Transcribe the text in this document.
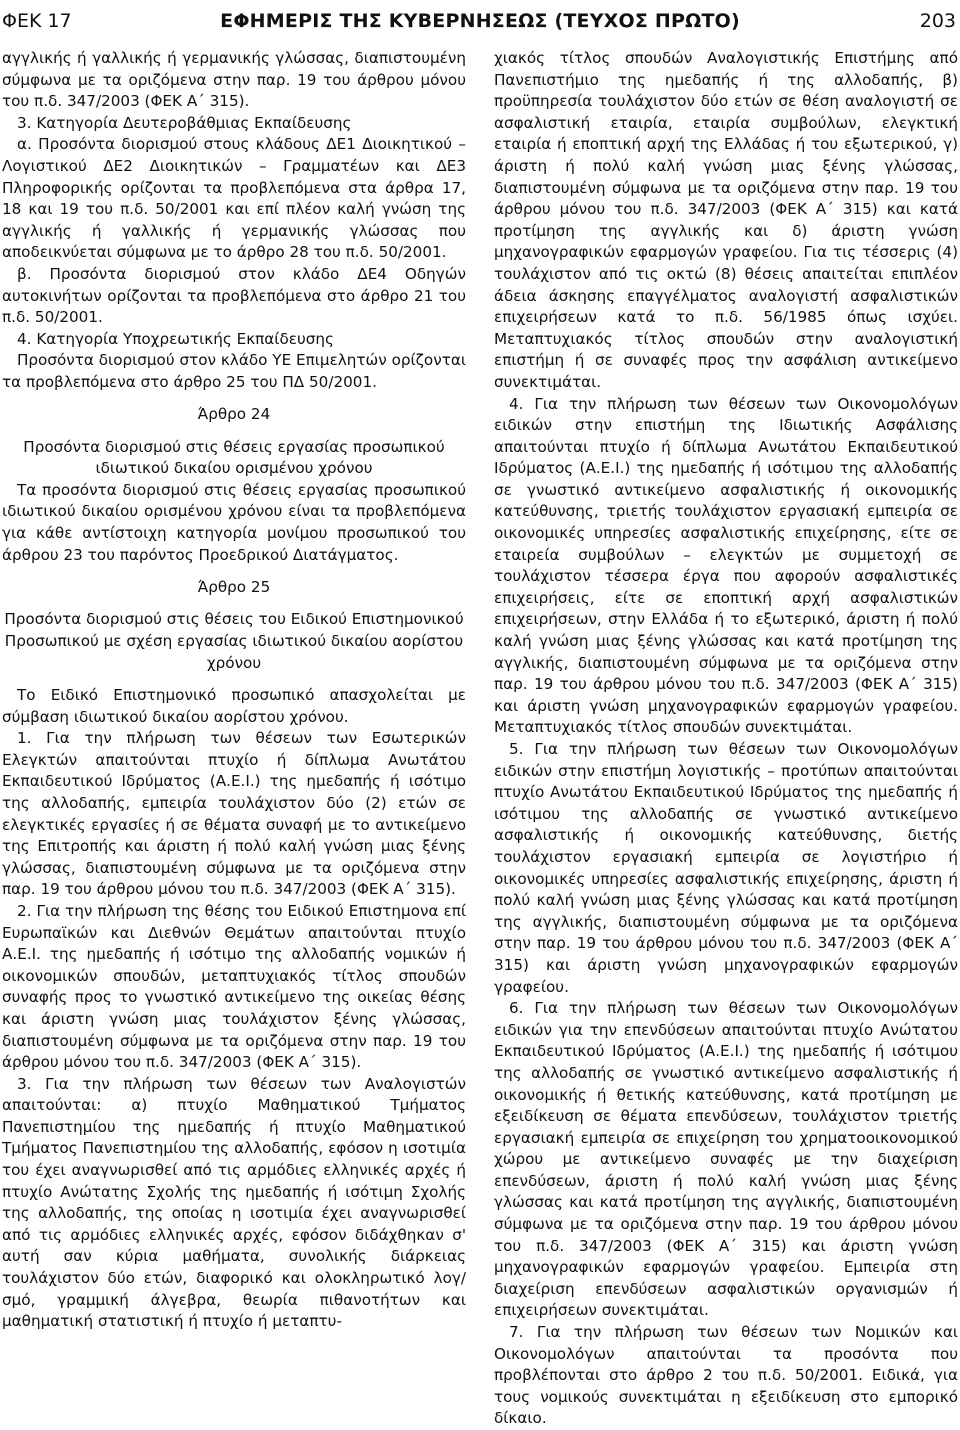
ΦΕΚ 17	ΕΦΗΜΕΡΙΣ ΤΗΣ ΚΥΒΕΡΝΗΣΕΩΣ (ΤΕΥΧΟΣ ΠΡΩΤΟ)	203

αγγλικής ή γαλλικής ή γερμανικής γλώσσας, διαπιστουμένη σύμφωνα με τα οριζόμενα στην παρ. 19 του άρθρου μόνου του π.δ. 347/2003 (ΦΕΚ Α΄ 315).

3. Κατηγορία Δευτεροβάθμιας Εκπαίδευσης

α. Προσόντα διορισμού στους κλάδους ΔΕ1 Διοικητικού – Λογιστικού ΔΕ2 Διοικητικών – Γραμματέων και ΔΕ3 Πληροφορικής ορίζονται τα προβλεπόμενα στα άρθρα 17, 18 και 19 του π.δ. 50/2001 και επί πλέον καλή γνώση της αγγλικής ή γαλλικής ή γερμανικής γλώσσας που αποδεικνύεται σύμφωνα με το άρθρο 28 του π.δ. 50/2001.

β. Προσόντα διορισμού στον κλάδο ΔΕ4 Οδηγών αυτοκινήτων ορίζονται τα προβλεπόμενα στο άρθρο 21 του π.δ. 50/2001.

4. Κατηγορία Υποχρεωτικής Εκπαίδευσης

Προσόντα διορισμού στον κλάδο ΥΕ Επιμελητών ορίζονται τα προβλεπόμενα στο άρθρο 25 του ΠΔ 50/2001.

Άρθρο 24

Προσόντα διορισμού στις θέσεις εργασίας προσωπικού ιδιωτικού δικαίου ορισμένου χρόνου

Τα προσόντα διορισμού στις θέσεις εργασίας προσωπικού ιδιωτικού δικαίου ορισμένου χρόνου είναι τα προβλεπόμενα για κάθε αντίστοιχη κατηγορία μονίμου προσωπικού του άρθρου 23 του παρόντος Προεδρικού Διατάγματος.

Άρθρο 25

Προσόντα διορισμού στις θέσεις του Ειδικού Επιστημονικού Προσωπικού με σχέση εργασίας ιδιωτικού δικαίου αορίστου χρόνου

Το Ειδικό Επιστημονικό προσωπικό απασχολείται με σύμβαση ιδιωτικού δικαίου αορίστου χρόνου.

1. Για την πλήρωση των θέσεων των Εσωτερικών Ελεγκτών απαιτούνται πτυχίο ή δίπλωμα Ανωτάτου Εκπαιδευτικού Ιδρύματος (Α.Ε.Ι.) της ημεδαπής ή ισότιμο της αλλοδαπής, εμπειρία τουλάχιστον δύο (2) ετών σε ελεγκτικές εργασίες ή σε θέματα συναφή με το αντικείμενο της Επιτροπής και άριστη ή πολύ καλή γνώση μιας ξένης γλώσσας, διαπιστουμένη σύμφωνα με τα οριζόμενα στην παρ. 19 του άρθρου μόνου του π.δ. 347/2003 (ΦΕΚ Α΄ 315).

2. Για την πλήρωση της θέσης του Ειδικού Επιστημονα επί Ευρωπαϊκών και Διεθνών Θεμάτων απαιτούνται πτυχίο Α.Ε.Ι. της ημεδαπής ή ισότιμο της αλλοδαπής νομικών ή οικονομικών σπουδών, μεταπτυχιακός τίτλος σπουδών συναφής προς το γνωστικό αντικείμενο της οικείας θέσης και άριστη γνώση μιας τουλάχιστον ξένης γλώσσας, διαπιστουμένη σύμφωνα με τα οριζόμενα στην παρ. 19 του άρθρου μόνου του π.δ. 347/2003 (ΦΕΚ Α΄ 315).

3. Για την πλήρωση των θέσεων των Αναλογιστών απαιτούνται: α) πτυχίο Μαθηματικού Τμήματος Πανεπιστημίου της ημεδαπής ή πτυχίο Μαθηματικού Τμήματος Πανεπιστημίου της αλλοδαπής, εφόσον η ισοτιμία του έχει αναγνωρισθεί από τις αρμόδιες ελληνικές αρχές ή πτυχίο Ανώτατης Σχολής της ημεδαπής ή ισότιμη Σχολής της αλλοδαπής, της οποίας η ισοτιμία έχει αναγνωρισθεί από τις αρμόδιες ελληνικές αρχές, εφόσον διδάχθηκαν σ' αυτή σαν κύρια μαθήματα, συνολικής διάρκειας τουλάχιστον δύο ετών, διαφορικό και ολοκληρωτικό λογ/σμό, γραμμική άλγεβρα, θεωρία πιθανοτήτων και μαθηματική στατιστική ή πτυχίο ή μεταπτυ-

χιακός τίτλος σπουδών Αναλογιστικής Επιστήμης από Πανεπιστήμιο της ημεδαπής ή της αλλοδαπής, β) προϋπηρεσία τουλάχιστον δύο ετών σε θέση αναλογιστή σε ασφαλιστική εταιρία, εταιρία συμβούλων, ελεγκτική εταιρία ή εποπτική αρχή της Ελλάδας ή του εξωτερικού, γ) άριστη ή πολύ καλή γνώση μιας ξένης γλώσσας, διαπιστουμένη σύμφωνα με τα οριζόμενα στην παρ. 19 του άρθρου μόνου του π.δ. 347/2003 (ΦΕΚ Α΄ 315) και κατά προτίμηση της αγγλικής και δ) άριστη γνώση μηχανογραφικών εφαρμογών γραφείου. Για τις τέσσερις (4) τουλάχιστον από τις οκτώ (8) θέσεις απαιτείται επιπλέον άδεια άσκησης επαγγέλματος αναλογιστή ασφαλιστικών επιχειρήσεων κατά το π.δ. 56/1985 όπως ισχύει. Μεταπτυχιακός τίτλος σπουδών στην αναλογιστική επιστήμη ή σε συναφές προς την ασφάλιση αντικείμενο συνεκτιμάται.

4. Για την πλήρωση των θέσεων των Οικονομολόγων ειδικών στην επιστήμη της Ιδιωτικής Ασφάλισης απαιτούνται πτυχίο ή δίπλωμα Ανωτάτου Εκπαιδευτικού Ιδρύματος (Α.Ε.Ι.) της ημεδαπής ή ισότιμου της αλλοδαπής σε γνωστικό αντικείμενο ασφαλιστικής ή οικονομικής κατεύθυνσης, τριετής τουλάχιστον εργασιακή εμπειρία σε οικονομικές υπηρεσίες ασφαλιστικής επιχείρησης, είτε σε εταιρεία συμβούλων – ελεγκτών με συμμετοχή σε τουλάχιστον τέσσερα έργα που αφορούν ασφαλιστικές επιχειρήσεις, είτε σε εποπτική αρχή ασφαλιστικών επιχειρήσεων, στην Ελλάδα ή το εξωτερικό, άριστη ή πολύ καλή γνώση μιας ξένης γλώσσας και κατά προτίμηση της αγγλικής, διαπιστουμένη σύμφωνα με τα οριζόμενα στην παρ. 19 του άρθρου μόνου του π.δ. 347/2003 (ΦΕΚ Α΄ 315) και άριστη γνώση μηχανογραφικών εφαρμογών γραφείου. Μεταπτυχιακός τίτλος σπουδών συνεκτιμάται.

5. Για την πλήρωση των θέσεων των Οικονομολόγων ειδικών στην επιστήμη λογιστικής – προτύπων απαιτούνται πτυχίο Ανωτάτου Εκπαιδευτικού Ιδρύματος της ημεδαπής ή ισότιμου της αλλοδαπής σε γνωστικό αντικείμενο ασφαλιστικής ή οικονομικής κατεύθυνσης, διετής τουλάχιστον εργασιακή εμπειρία σε λογιστήριο ή οικονομικές υπηρεσίες ασφαλιστικής επιχείρησης, άριστη ή πολύ καλή γνώση μιας ξένης γλώσσας και κατά προτίμηση της αγγλικής, διαπιστουμένη σύμφωνα με τα οριζόμενα στην παρ. 19 του άρθρου μόνου του π.δ. 347/2003 (ΦΕΚ Α΄ 315) και άριστη γνώση μηχανογραφικών εφαρμογών γραφείου.

6. Για την πλήρωση των θέσεων των Οικονομολόγων ειδικών για την επενδύσεων απαιτούνται πτυχίο Ανώτατου Εκπαιδευτικού Ιδρύματος (Α.Ε.Ι.) της ημεδαπής ή ισότιμου της αλλοδαπής σε γνωστικό αντικείμενο ασφαλιστικής ή οικονομικής ή θετικής κατεύθυνσης, κατά προτίμηση με εξειδίκευση σε θέματα επενδύσεων, τουλάχιστον τριετής εργασιακή εμπειρία σε επιχείρηση του χρηματοοικονομικού χώρου με αντικείμενο συναφές με την διαχείριση επενδύσεων, άριστη ή πολύ καλή γνώση μιας ξένης γλώσσας και κατά προτίμηση της αγγλικής, διαπιστουμένη σύμφωνα με τα οριζόμενα στην παρ. 19 του άρθρου μόνου του π.δ. 347/2003 (ΦΕΚ Α΄ 315) και άριστη γνώση μηχανογραφικών εφαρμογών γραφείου. Εμπειρία στη διαχείριση επενδύσεων ασφαλιστικών οργανισμών ή επιχειρήσεων συνεκτιμάται.

7. Για την πλήρωση των θέσεων των Νομικών και Οικονομολόγων απαιτούνται τα προσόντα που προβλέπονται στο άρθρο 2 του π.δ. 50/2001. Ειδικά, για τους νομικούς συνεκτιμάται η εξειδίκευση στο εμπορικό δίκαιο.
